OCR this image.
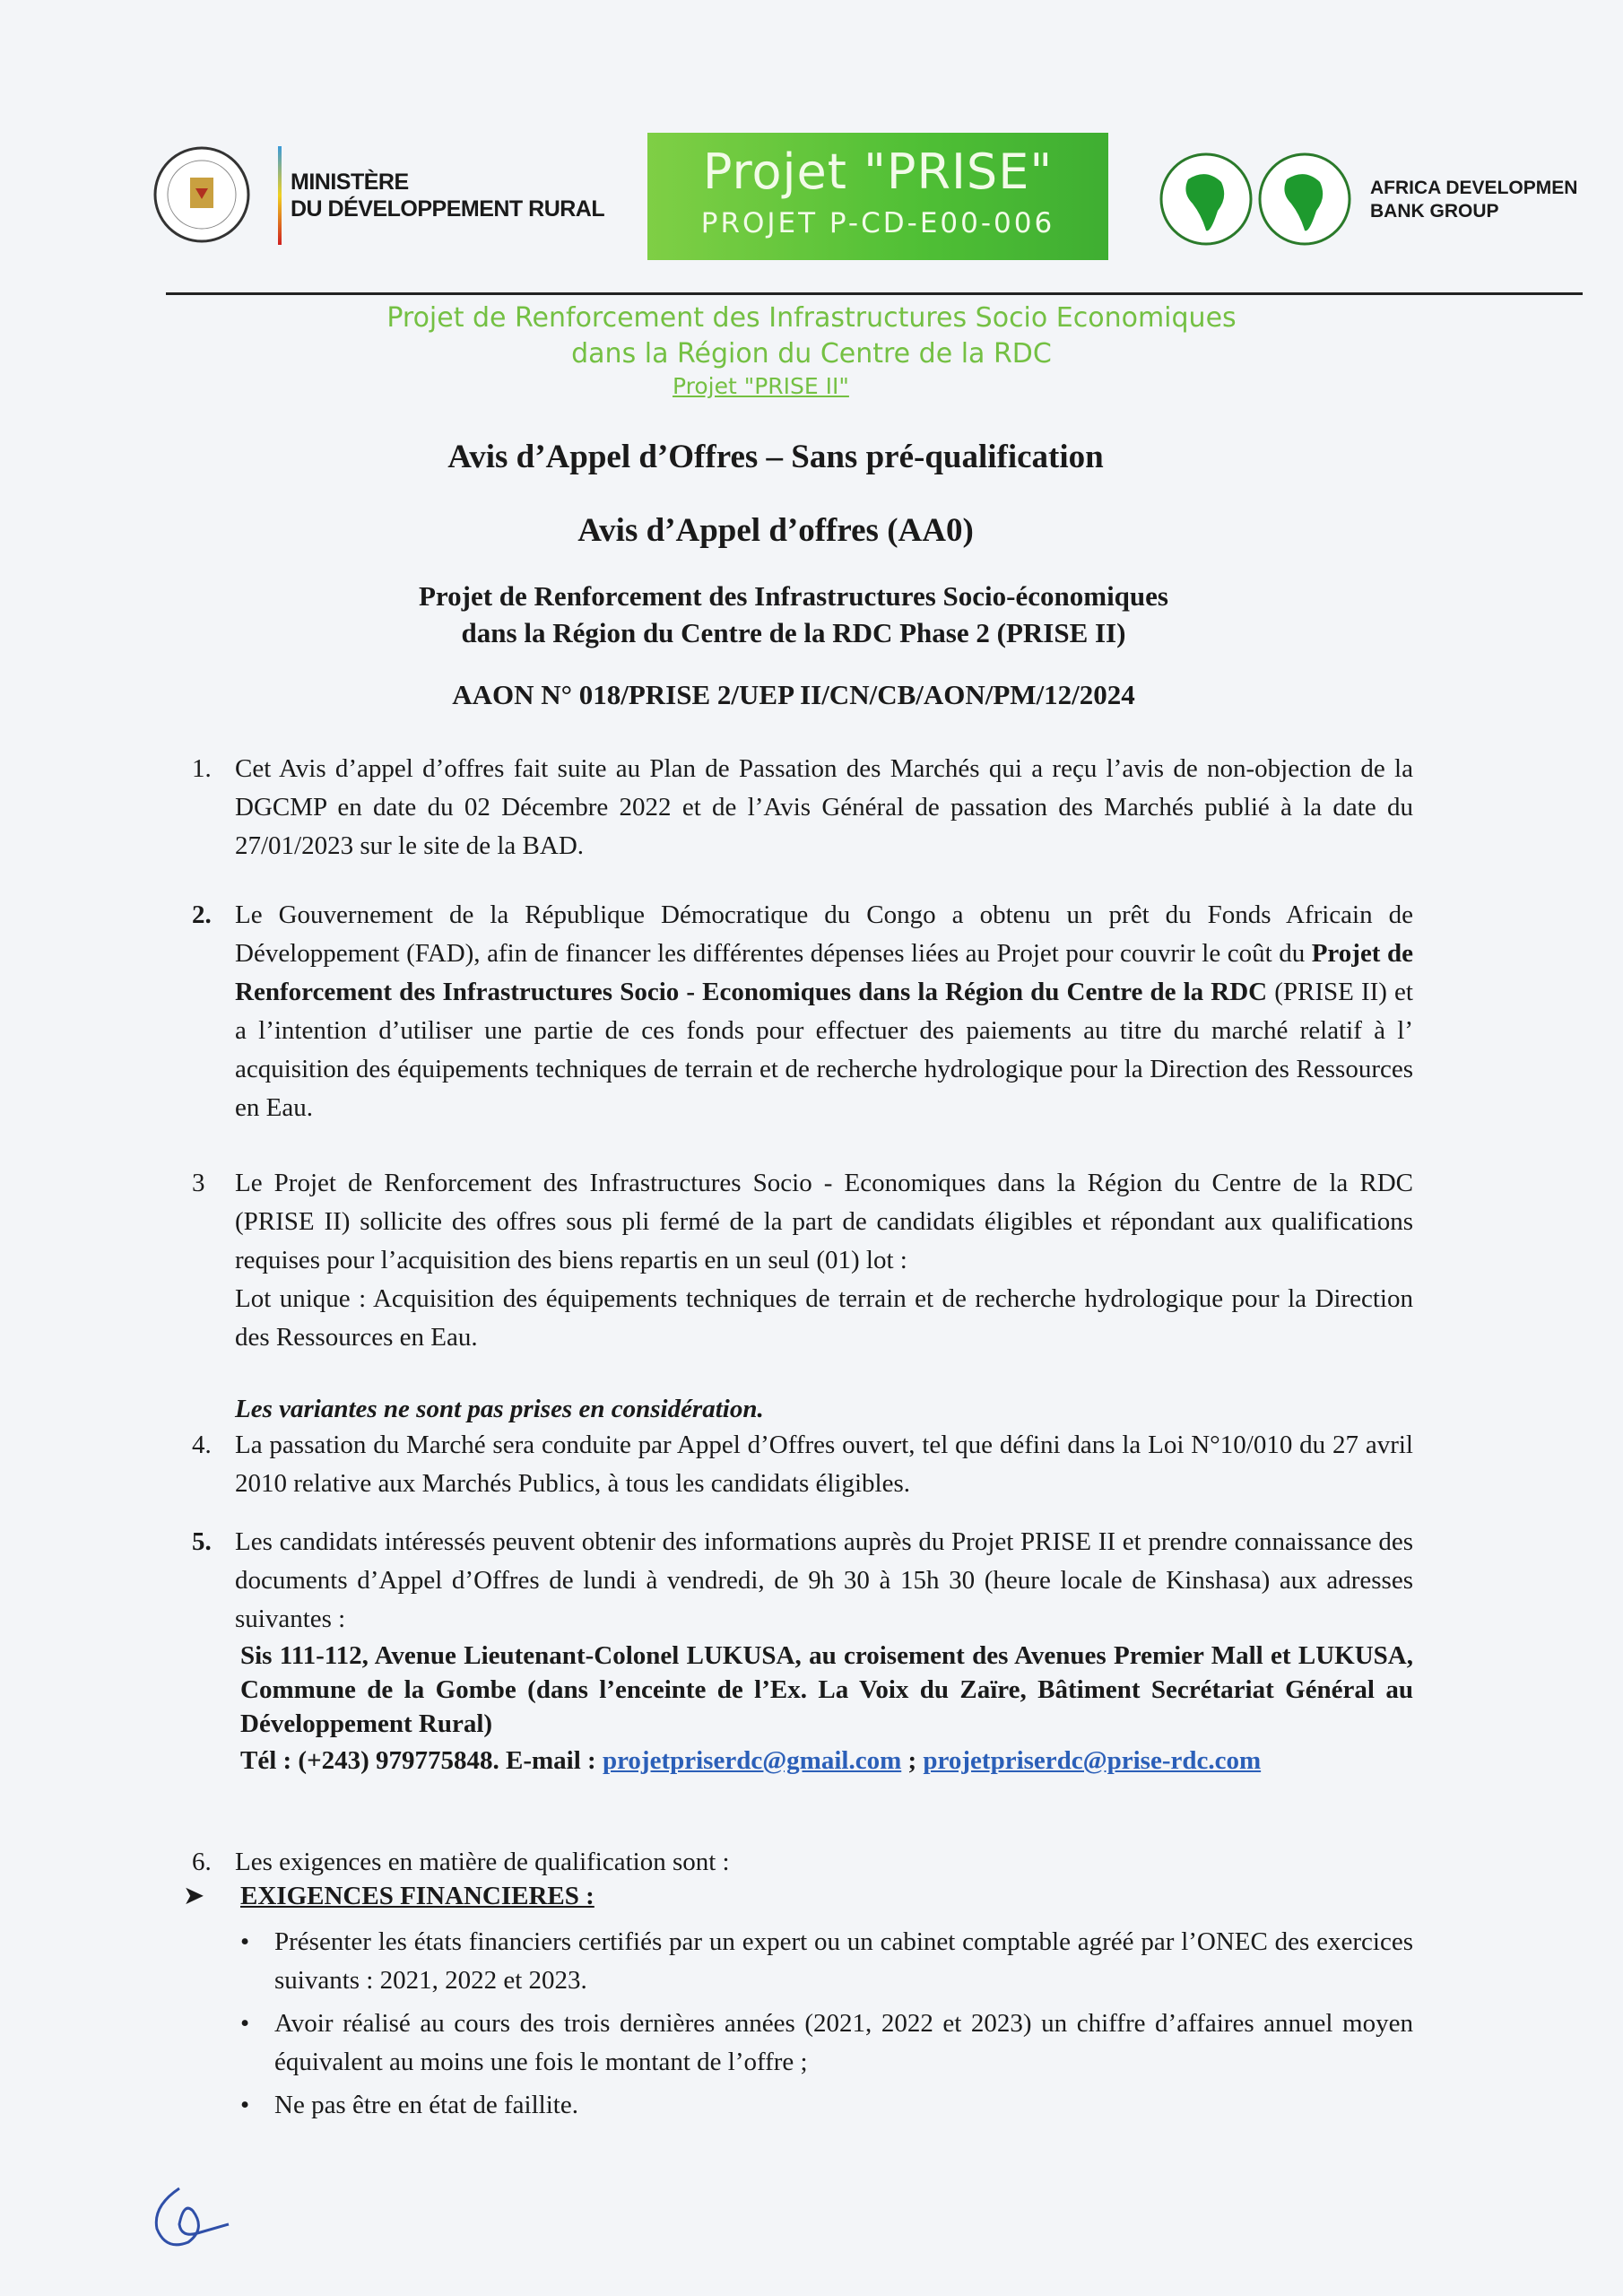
MINISTÈRE
DU DÉVELOPPEMENT RURAL
Projet "PRISE"
PROJET P-CD-E00-006
AFRICA DEVELOPMEN
BANK GROUP
Projet de Renforcement des Infrastructures Socio Economiques
dans la Région du Centre de la RDC
Projet "PRISE II"
Avis d’Appel d’Offres – Sans pré-qualification
Avis d’Appel d’offres (AA0)
Projet de Renforcement des Infrastructures Socio-économiques
dans la Région du Centre de la RDC Phase 2 (PRISE II)
AAON N° 018/PRISE 2/UEP II/CN/CB/AON/PM/12/2024
1. Cet Avis d’appel d’offres fait suite au Plan de Passation des Marchés qui a reçu l’avis de non-objection de la DGCMP en date du 02 Décembre 2022 et de l’Avis Général de passation des Marchés publié à la date du 27/01/2023 sur le site de la BAD.
2. Le Gouvernement de la République Démocratique du Congo a obtenu un prêt du Fonds Africain de Développement (FAD), afin de financer les différentes dépenses liées au Projet pour couvrir le coût du Projet de Renforcement des Infrastructures Socio - Economiques dans la Région du Centre de la RDC (PRISE II) et a l’intention d’utiliser une partie de ces fonds pour effectuer des paiements au titre du marché relatif à l’ acquisition des équipements techniques de terrain et de recherche hydrologique pour la Direction des Ressources en Eau.
3 Le Projet de Renforcement des Infrastructures Socio - Economiques dans la Région du Centre de la RDC (PRISE II) sollicite des offres sous pli fermé de la part de candidats éligibles et répondant aux qualifications requises pour l’acquisition des biens repartis en un seul (01) lot :
Lot unique : Acquisition des équipements techniques de terrain et de recherche hydrologique pour la Direction des Ressources en Eau.
Les variantes ne sont pas prises en considération.
4. La passation du Marché sera conduite par Appel d’Offres ouvert, tel que défini dans la Loi N°10/010 du 27 avril 2010 relative aux Marchés Publics, à tous les candidats éligibles.
5. Les candidats intéressés peuvent obtenir des informations auprès du Projet PRISE II et prendre connaissance des documents d’Appel d’Offres de lundi à vendredi, de 9h 30 à 15h 30 (heure locale de Kinshasa) aux adresses suivantes :
Sis 111-112, Avenue Lieutenant-Colonel LUKUSA, au croisement des Avenues Premier Mall et LUKUSA, Commune de la Gombe (dans l’enceinte de l’Ex. La Voix du Zaïre, Bâtiment Secrétariat Général au Développement Rural)
Tél : (+243) 979775848. E-mail : projetpriserdc@gmail.com ; projetpriserdc@prise-rdc.com
6. Les exigences en matière de qualification sont :
➤ EXIGENCES FINANCIERES :
• Présenter les états financiers certifiés par un expert ou un cabinet comptable agréé par l’ONEC des exercices suivants : 2021, 2022 et 2023.
• Avoir réalisé au cours des trois dernières années (2021, 2022 et 2023) un chiffre d’affaires annuel moyen équivalent au moins une fois le montant de l’offre ;
• Ne pas être en état de faillite.
